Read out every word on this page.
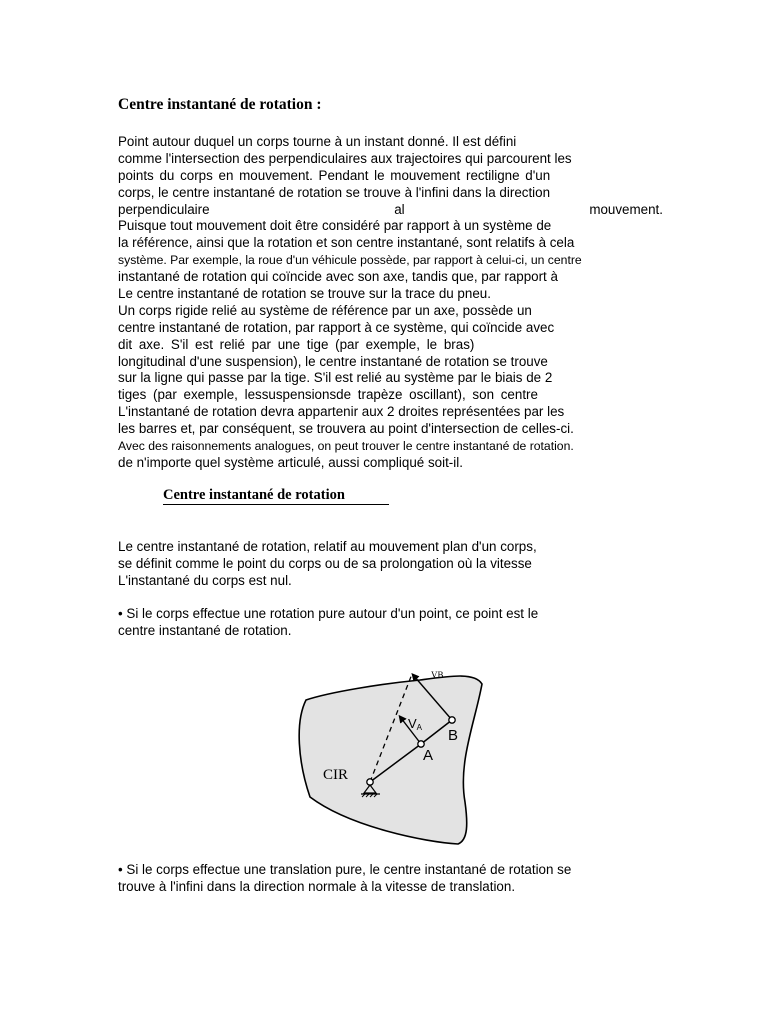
Centre instantané de rotation :
Point autour duquel un corps tourne à un instant donné. Il est défini
comme l'intersection des perpendiculaires aux trajectoires qui parcourent les
points du corps en mouvement. Pendant le mouvement rectiligne d'un
corps, le centre instantané de rotation se trouve à l'infini dans la direction
perpendiculaire al mouvement.
Puisque tout mouvement doit être considéré par rapport à un système de
la référence, ainsi que la rotation et son centre instantané, sont relatifs à cela
système. Par exemple, la roue d'un véhicule possède, par rapport à celui-ci, un centre
instantané de rotation qui coïncide avec son axe, tandis que, par rapport à
Le centre instantané de rotation se trouve sur la trace du pneu.
Un corps rigide relié au système de référence par un axe, possède un
centre instantané de rotation, par rapport à ce système, qui coïncide avec
dit axe. S'il est relié par une tige (par exemple, le bras)
longitudinal d'une suspension), le centre instantané de rotation se trouve
sur la ligne qui passe par la tige. S'il est relié au système par le biais de 2
tiges (par exemple, lessuspensionsde trapèze oscillant), son centre
L'instantané de rotation devra appartenir aux 2 droites représentées par les
les barres et, par conséquent, se trouvera au point d'intersection de celles-ci.
Avec des raisonnements analogues, on peut trouver le centre instantané de rotation.
de n'importe quel système articulé, aussi compliqué soit-il.
Centre instantané de rotation
Le centre instantané de rotation, relatif au mouvement plan d'un corps,
se définit comme le point du corps ou de sa prolongation où la vitesse
L'instantané du corps est nul.
• Si le corps effectue une rotation pure autour d'un point, ce point est le
centre instantané de rotation.
CIR
VB
VA
A
B
• Si le corps effectue une translation pure, le centre instantané de rotation se
trouve à l'infini dans la direction normale à la vitesse de translation.
